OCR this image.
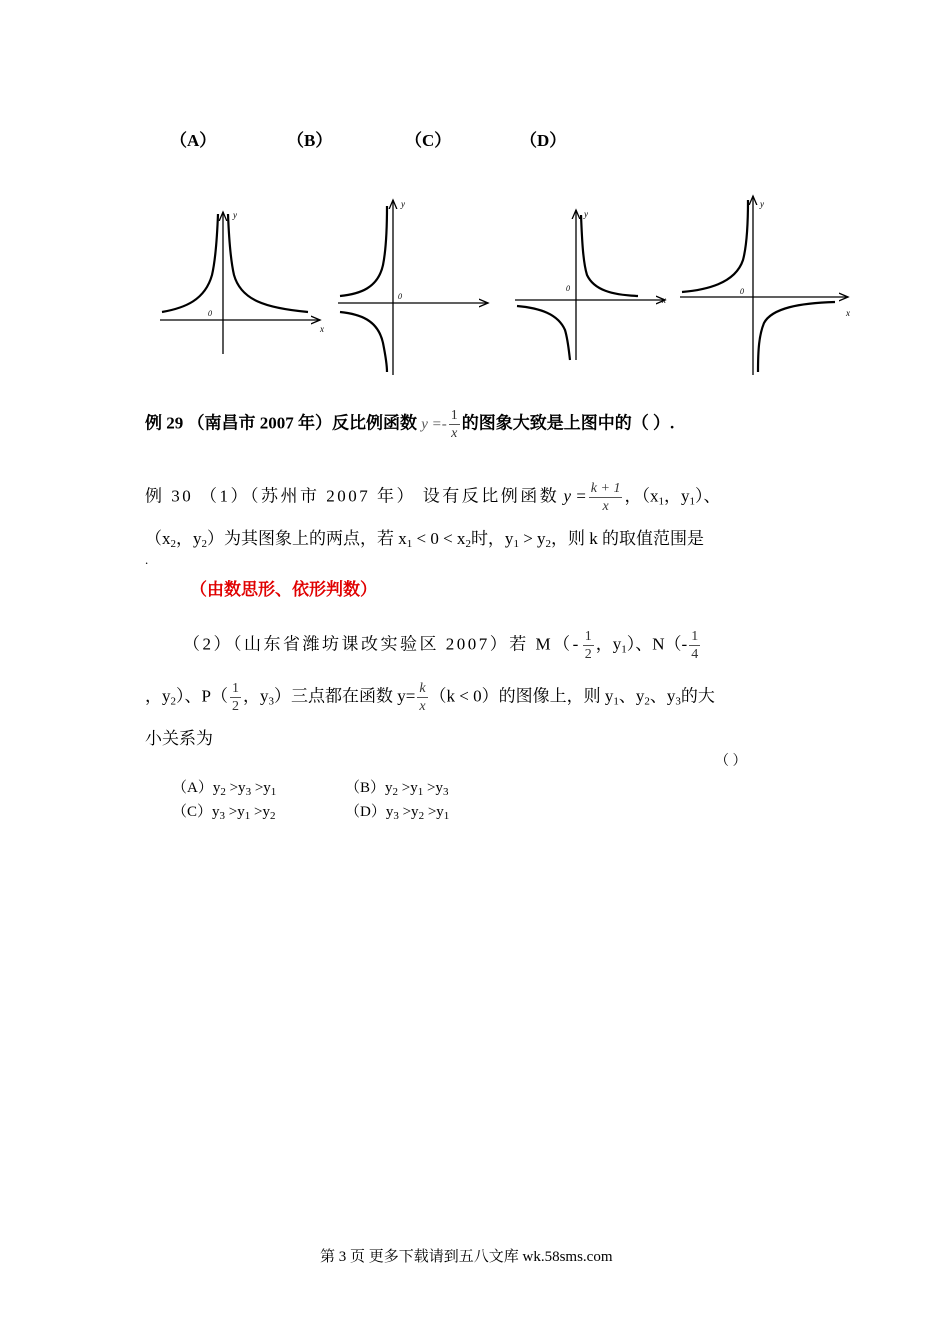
（A）	（B）	（C）	（D）
y
x
0
y
0
y
x
0
y
x
0
例 29 （南昌市 2007 年）反比例函数 $y =- \frac{1}{x}$ 的图象大致是上图中的（ ）.
例 30 （1）（苏州市 2007 年） 设有反比例函数 $y = \frac{k + 1}{x}$ ，（$x_1$，$y_1$）、
（$x_2$，$y_2$）为其图象上的两点，若 $x_1 < 0 < x_2$时，$y_1 > y_2$，则 k 的取值范围是
.
（由数思形、依形判数）
（2）（山东省潍坊课改实验区 2007）若 $M(- \frac{1}{2}$ ，$y_1$）、$N(- \frac{1}{4}$
，$y_2$）、$P( \frac{1}{2}$ ，$y_3$）三点都在函数 $y= \frac{k}{x} (k < 0)$的图像上，则 $y_1$、$y_2$、$y_3$的大
小关系为
（ ）
$(A)y_2 >y_3 >y_1$	$(B)y_2 >y_1 >y_3$
$(C)y_3 >y_1 >y_2$	$(D)y_3 >y_2 >y_1$
第 3 页 更多下载请到五八文库 wk.58sms.com
